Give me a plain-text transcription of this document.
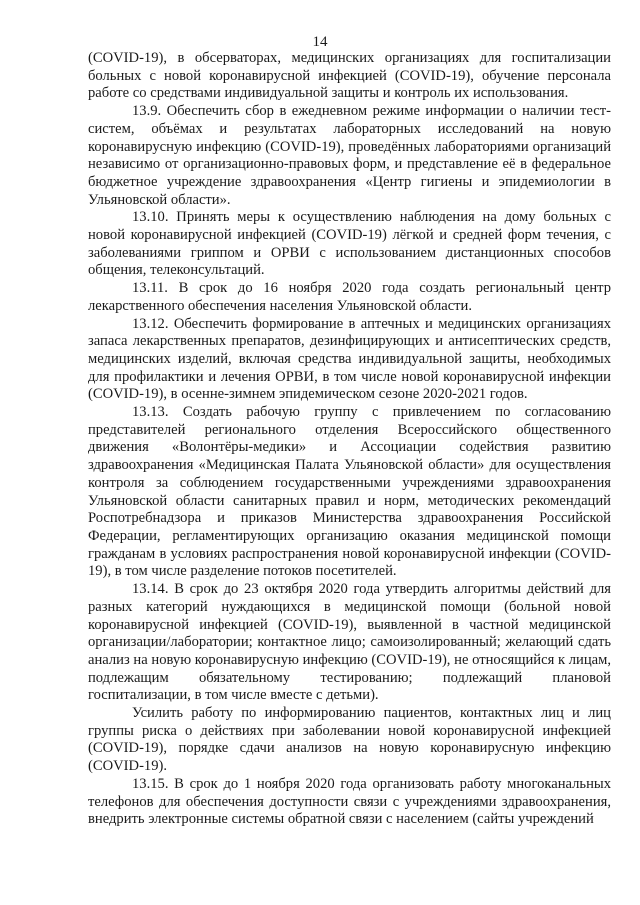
14

(COVID-19), в обсерваторах, медицинских организациях для госпитализации больных с новой коронавирусной инфекцией (COVID-19), обучение персонала работе со средствами индивидуальной защиты и контроль их использования.

13.9. Обеспечить сбор в ежедневном режиме информации о наличии тест-систем, объёмах и результатах лабораторных исследований на новую коронавирусную инфекцию (COVID-19), проведённых лабораториями организаций независимо от организационно-правовых форм, и представление её в федеральное бюджетное учреждение здравоохранения «Центр гигиены и эпидемиологии в Ульяновской области».

13.10. Принять меры к осуществлению наблюдения на дому больных с новой коронавирусной инфекцией (COVID-19) лёгкой и средней форм течения, с заболеваниями гриппом и ОРВИ с использованием дистанционных способов общения, телеконсультаций.

13.11. В срок до 16 ноября 2020 года создать региональный центр лекарственного обеспечения населения Ульяновской области.

13.12. Обеспечить формирование в аптечных и медицинских организациях запаса лекарственных препаратов, дезинфицирующих и антисептических средств, медицинских изделий, включая средства индивидуальной защиты, необходимых для профилактики и лечения ОРВИ, в том числе новой коронавирусной инфекции (COVID-19), в осенне-зимнем эпидемическом сезоне 2020-2021 годов.

13.13. Создать рабочую группу с привлечением по согласованию представителей регионального отделения Всероссийского общественного движения «Волонтёры-медики» и Ассоциации содействия развитию здравоохранения «Медицинская Палата Ульяновской области» для осуществления контроля за соблюдением государственными учреждениями здравоохранения Ульяновской области санитарных правил и норм, методических рекомендаций Роспотребнадзора и приказов Министерства здравоохранения Российской Федерации, регламентирующих организацию оказания медицинской помощи гражданам в условиях распространения новой коронавирусной инфекции (COVID-19), в том числе разделение потоков посетителей.

13.14. В срок до 23 октября 2020 года утвердить алгоритмы действий для разных категорий нуждающихся в медицинской помощи (больной новой коронавирусной инфекцией (COVID-19), выявленной в частной медицинской организации/лаборатории; контактное лицо; самоизолированный; желающий сдать анализ на новую коронавирусную инфекцию (COVID-19), не относящийся к лицам, подлежащим обязательному тестированию; подлежащий плановой госпитализации, в том числе вместе с детьми).

Усилить работу по информированию пациентов, контактных лиц и лиц группы риска о действиях при заболевании новой коронавирусной инфекцией (COVID-19), порядке сдачи анализов на новую коронавирусную инфекцию (COVID-19).

13.15. В срок до 1 ноября 2020 года организовать работу многоканальных телефонов для обеспечения доступности связи с учреждениями здравоохранения, внедрить электронные системы обратной связи с населением (сайты учреждений
